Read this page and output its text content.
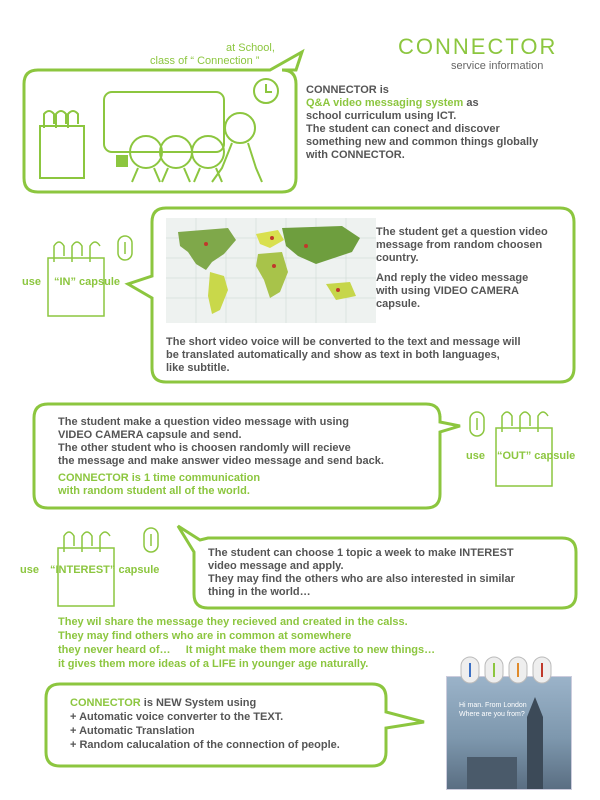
CONNECTOR
service information
at School,
class of “ Connection ”
CONNECTOR is
Q&A video messaging system as
school curriculum using ICT.
The student can conect and discover
something new and common things globally
with CONNECTOR.
use “IN” capsule
The student get a question video
message from random choosen
country.
And reply the video message
with using VIDEO CAMERA
capsule.
The short video voice will be converted to the text and message will
be translated automatically and show as text in both languages,
like subtitle.
use “OUT” capsule
The student make a question video message with using
VIDEO CAMERA capsule and send.
The other student who is choosen randomly will recieve
the message and make answer video message and send back.
CONNECTOR is 1 time communication
with random student all of the world.
use “INTEREST” capsule
The student can choose 1 topic a week to make INTEREST
video message and apply.
They may find the others who are also interested in similar
thing in the world…
They wil share the message they recieved and created in the calss.
They may find others who are in common at somewhere
they never heard of…     It might make them more active to new things…
it gives them more ideas of a LIFE in younger age naturally.
CONNECTOR is NEW System using
+ Automatic voice converter to the TEXT.
+ Automatic Translation
+ Random calucalation of the connection of people.
Hi man. From London
Where are you from?
